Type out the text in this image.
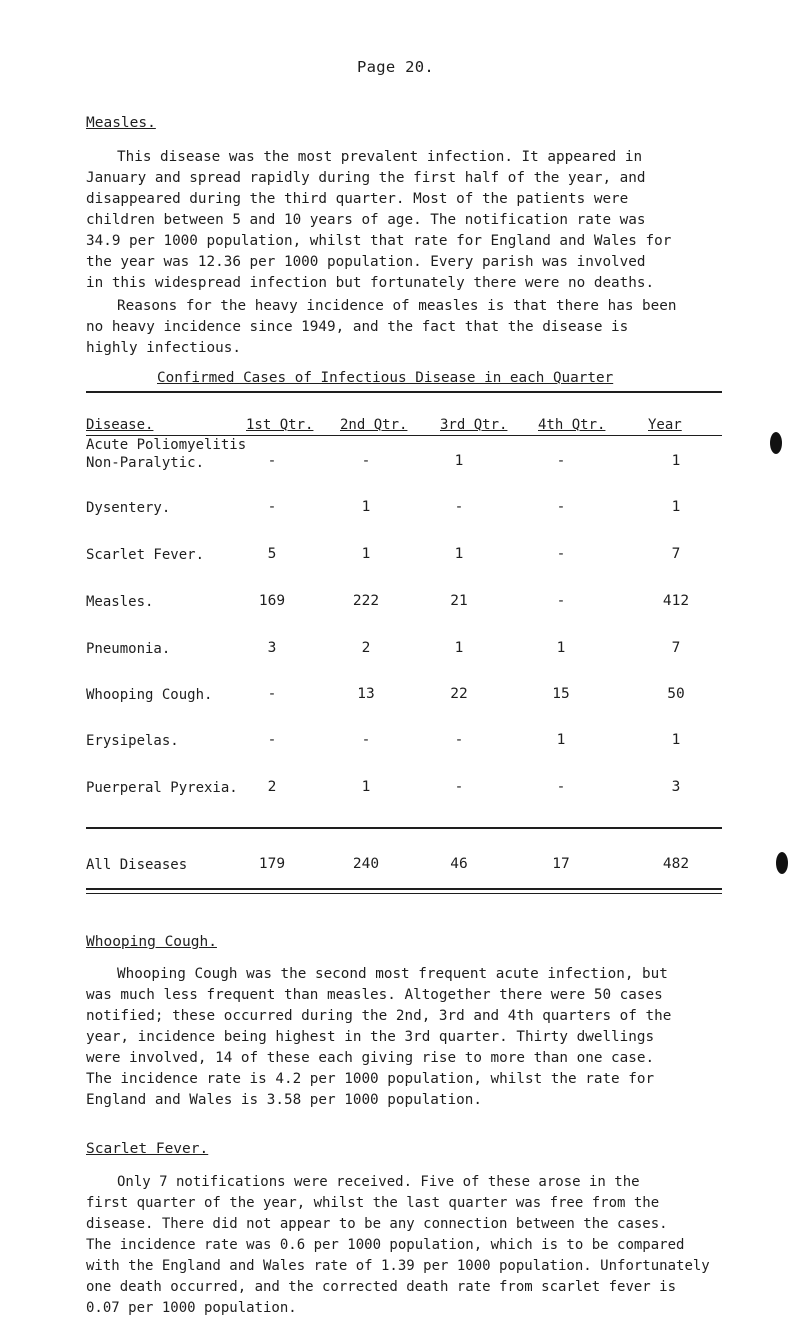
Page 20.
Measles.

This disease was the most prevalent infection. It appeared in
January and spread rapidly during the first half of the year, and
disappeared during the third quarter. Most of the patients were
children between 5 and 10 years of age. The notification rate was
34.9 per 1000 population, whilst that rate for England and Wales for
the year was 12.36 per 1000 population. Every parish was involved
in this widespread infection but fortunately there were no deaths.

Reasons for the heavy incidence of measles is that there has been
no heavy incidence since 1949, and the fact that the disease is
highly infectious.

Confirmed Cases of Infectious Disease in each Quarter
Disease.	1st Qtr. 2nd Qtr. 3rd Qtr. 4th Qtr.	Year
Acute Poliomyelitis
Non-Paralytic.	-	-	1	-	1
Dysentery.	-	1	-	-	1
Scarlet Fever.	5	1	1	-	7
Measles.	169	222	21	-	412
Pneumonia.	3	2	1	1	7
Whooping Cough.	-	13	22	15	50
Erysipelas.	-	-	-	1	1
Puerperal Pyrexia.	2	1	-	-	3
All Diseases	179	240	46	17	482
Whooping Cough.

Whooping Cough was the second most frequent acute infection, but
was much less frequent than measles. Altogether there were 50 cases
notified; these occurred during the 2nd, 3rd and 4th quarters of the
year, incidence being highest in the 3rd quarter. Thirty dwellings
were involved, 14 of these each giving rise to more than one case.
The incidence rate is 4.2 per 1000 population, whilst the rate for
England and Wales is 3.58 per 1000 population.

Scarlet Fever.

Only 7 notifications were received. Five of these arose in the
first quarter of the year, whilst the last quarter was free from the
disease. There did not appear to be any connection between the cases.
The incidence rate was 0.6 per 1000 population, which is to be compared
with the England and Wales rate of 1.39 per 1000 population. Unfortunately
one death occurred, and the corrected death rate from scarlet fever is
0.07 per 1000 population.
